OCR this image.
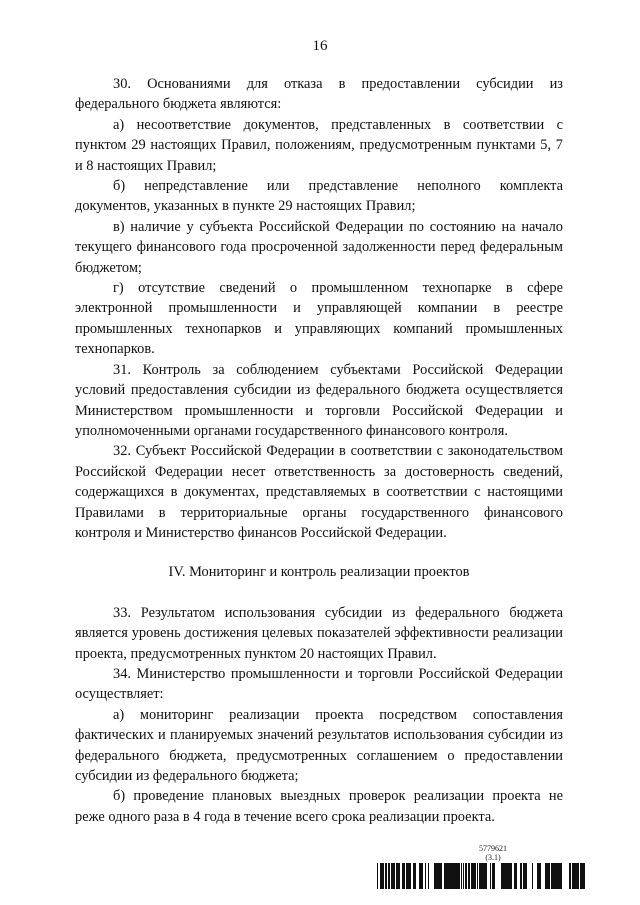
16

30. Основаниями для отказа в предоставлении субсидии из федерального бюджета являются:

а) несоответствие документов, представленных в соответствии с пунктом 29 настоящих Правил, положениям, предусмотренным пунктами 5, 7 и 8 настоящих Правил;

б) непредставление или представление неполного комплекта документов, указанных в пункте 29 настоящих Правил;

в) наличие у субъекта Российской Федерации по состоянию на начало текущего финансового года просроченной задолженности перед федеральным бюджетом;

г) отсутствие сведений о промышленном технопарке в сфере электронной промышленности и управляющей компании в реестре промышленных технопарков и управляющих компаний промышленных технопарков.

31. Контроль за соблюдением субъектами Российской Федерации условий предоставления субсидии из федерального бюджета осуществляется Министерством промышленности и торговли Российской Федерации и уполномоченными органами государственного финансового контроля.

32. Субъект Российской Федерации в соответствии с законодательством Российской Федерации несет ответственность за достоверность сведений, содержащихся в документах, представляемых в соответствии с настоящими Правилами в территориальные органы государственного финансового контроля и Министерство финансов Российской Федерации.

IV. Мониторинг и контроль реализации проектов

33. Результатом использования субсидии из федерального бюджета является уровень достижения целевых показателей эффективности реализации проекта, предусмотренных пунктом 20 настоящих Правил.

34. Министерство промышленности и торговли Российской Федерации осуществляет:

а) мониторинг реализации проекта посредством сопоставления фактических и планируемых значений результатов использования субсидии из федерального бюджета, предусмотренных соглашением о предоставлении субсидии из федерального бюджета;

б) проведение плановых выездных проверок реализации проекта не реже одного раза в 4 года в течение всего срока реализации проекта.

5779621 (3.1)
